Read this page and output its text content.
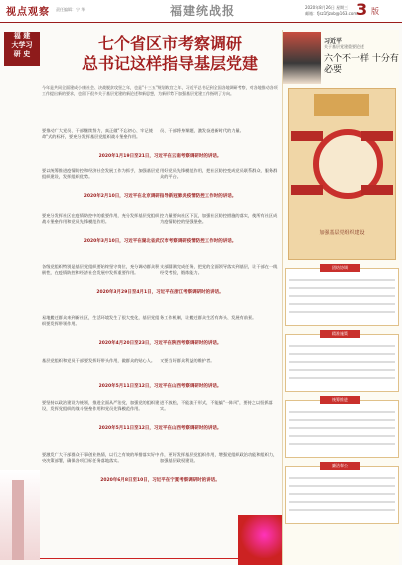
视点观察 责任编辑：宁 华	福建统战报	2020年8月26日 星期三
邮箱：fjsz1fjzxb@163.com
3 版
福 建
大学习
研 史
七个省区市考察调研
总书记这样指导基层党建
今年是共同全面建成小康社会、决战脱贫攻坚之年，也是"十三五"规划收官之年，习近平总书记到全国各地调研考察，对各地推动各项工作提出新的要求，也留下很多关于基层党建的新论述和新思想，为新形势下加强基层党建工作指明了方向。
要推动广大党员、干部继续努力，真正做"不忘初心、牢记使命"式的标杆，要充分发挥基层党组织战斗堡垒作用。
员、干部将身课题，激发奋进新时代的力量。
2020年1月19日至21日，习近平在云南考察调研时的讲话。
要以统筹推进疫情防控和经济社会发展工作为抓手，加强基层党组织建设，发挥组织优势。
用好党员先锋模范作用，把社区防控变成党员联系群众、服务群众的平台。
2020年2月10日，习近平在北京调研指导新冠肺炎疫情防控工作时的讲话。
要充分发挥社区在疫情防控中的重要作用，充分发挥基层党组织战斗堡垒作用和党员先锋模范作用。
控力量要向社区下沉，加强社区防控措施的落实，使所有社区成为疫情防控的坚强堡垒。
2020年3月10日，习近平在湖北省武汉市考察调研疫情防控工作时的讲话。
各级党组织特别是基层党组织要始终坚守岗位，充分调动群众积极性，在疫情防控和经济社会发展中发挥重要作用。
支部圆满完成任务，把党的全面领导落实到基层，让干部在一线经受考验，锻炼能力。
2020年3月29日至4月1日，习近平在浙江考察调研时的讲话。
易地搬迁群众来到新社区，生活环境发生了很大变化，基层党组织要发挥带领作用。
务工作机制，让搬迁群众生活有奔头、发展有前景。
2020年4月20日至23日，习近平在陕西考察调研时的讲话。
基层党组织和党员干部要发挥好带头作用，做群众的贴心人。	又要当好群众利益的维护者。
2020年5月11日至12日，习近平在山西考察调研时的讲话。
要坚持以政治建设为统领，推进全面从严治党，加强党的组织建设，发挥党组织的战斗堡垒作用和党员先锋模范作用。
进不放松，不能流于形式，不能搞"一阵风"，要持之以恒抓落实。
2020年5月11日至12日，习近平在山西考察调研时的讲话。
要激发广大干部群众干事创业热情，以行之有效的举措落实好中央决策部署，确保各项目标任务落地落实。
作，更好发挥基层党组织作用，增强党组织政治功能和组织力，加强基层政权建设。
2020年6月8日至10日，习近平在宁夏考察调研时的讲话。
习近平
关于基层党建重要论述
六个不一样 十分有必要
加强基层党组织建设
团结协调
精准施策
统筹推进
廉洁奉公
